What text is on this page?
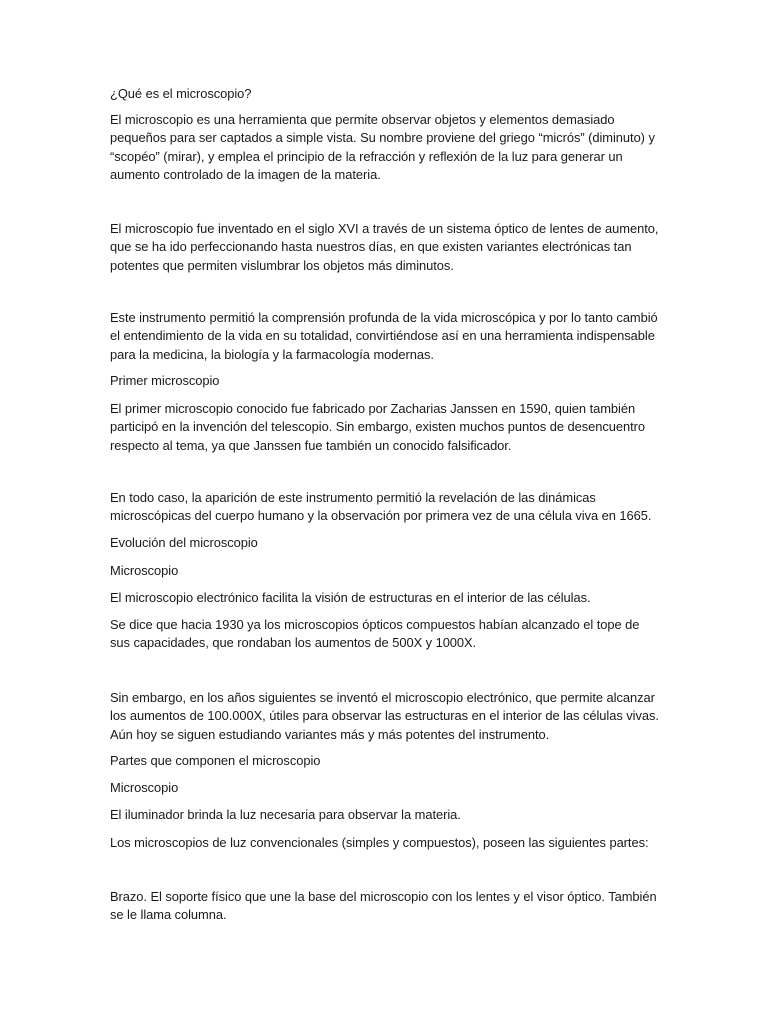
¿Qué es el microscopio?

El microscopio es una herramienta que permite observar objetos y elementos demasiado pequeños para ser captados a simple vista. Su nombre proviene del griego “micrós” (diminuto) y “scopéo” (mirar), y emplea el principio de la refracción y reflexión de la luz para generar un aumento controlado de la imagen de la materia.

El microscopio fue inventado en el siglo XVI a través de un sistema óptico de lentes de aumento, que se ha ido perfeccionando hasta nuestros días, en que existen variantes electrónicas tan potentes que permiten vislumbrar los objetos más diminutos.

Este instrumento permitió la comprensión profunda de la vida microscópica y por lo tanto cambió el entendimiento de la vida en su totalidad, convirtiéndose así en una herramienta indispensable para la medicina, la biología y la farmacología modernas.

Primer microscopio

El primer microscopio conocido fue fabricado por Zacharias Janssen en 1590, quien también participó en la invención del telescopio. Sin embargo, existen muchos puntos de desencuentro respecto al tema, ya que Janssen fue también un conocido falsificador.

En todo caso, la aparición de este instrumento permitió la revelación de las dinámicas microscópicas del cuerpo humano y la observación por primera vez de una célula viva en 1665.

Evolución del microscopio

Microscopio

El microscopio electrónico facilita la visión de estructuras en el interior de las células.

Se dice que hacia 1930 ya los microscopios ópticos compuestos habían alcanzado el tope de sus capacidades, que rondaban los aumentos de 500X y 1000X.

Sin embargo, en los años siguientes se inventó el microscopio electrónico, que permite alcanzar los aumentos de 100.000X, útiles para observar las estructuras en el interior de las células vivas. Aún hoy se siguen estudiando variantes más y más potentes del instrumento.

Partes que componen el microscopio

Microscopio

El iluminador brinda la luz necesaria para observar la materia.

Los microscopios de luz convencionales (simples y compuestos), poseen las siguientes partes:

Brazo. El soporte físico que une la base del microscopio con los lentes y el visor óptico. También se le llama columna.
